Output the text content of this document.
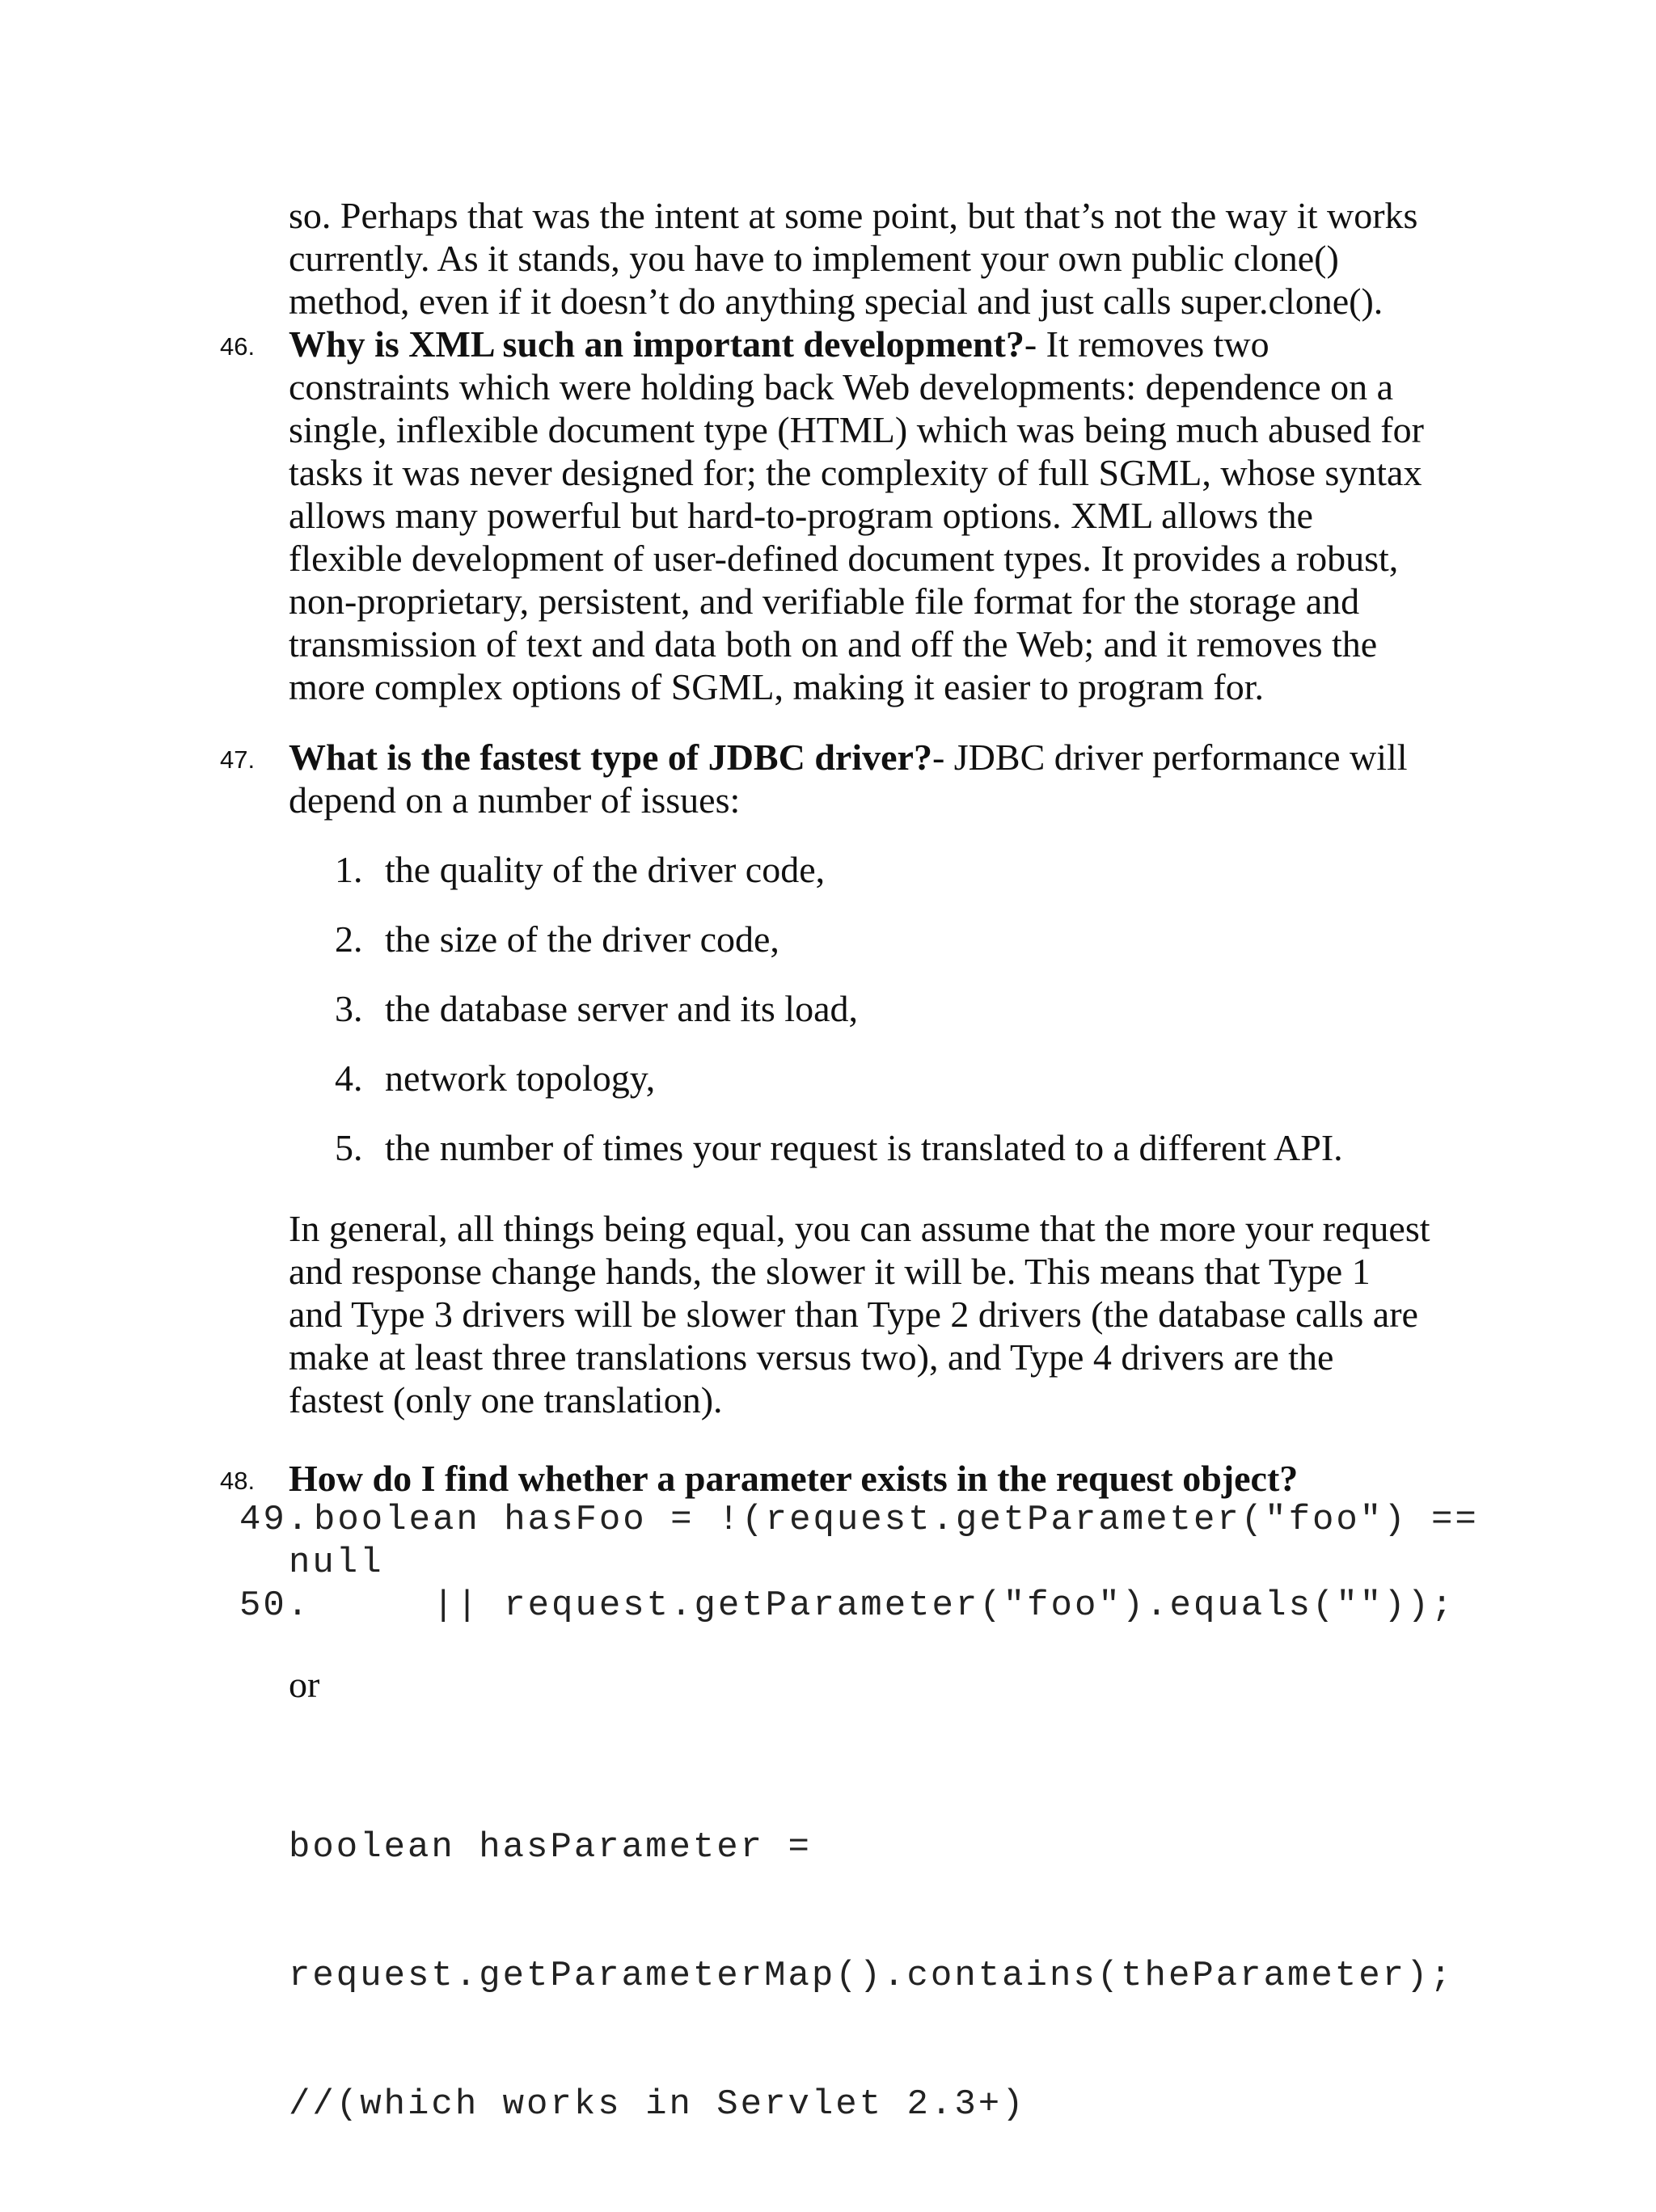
so. Perhaps that was the intent at some point, but that’s not the way it works
currently. As it stands, you have to implement your own public clone()
method, even if it doesn’t do anything special and just calls super.clone().
46. Why is XML such an important development?- It removes two
constraints which were holding back Web developments: dependence on a
single, inflexible document type (HTML) which was being much abused for
tasks it was never designed for; the complexity of full SGML, whose syntax
allows many powerful but hard-to-program options. XML allows the
flexible development of user-defined document types. It provides a robust,
non-proprietary, persistent, and verifiable file format for the storage and
transmission of text and data both on and off the Web; and it removes the
more complex options of SGML, making it easier to program for.
47. What is the fastest type of JDBC driver?- JDBC driver performance will
depend on a number of issues:
1. the quality of the driver code,
2. the size of the driver code,
3. the database server and its load,
4. network topology,
5. the number of times your request is translated to a different API.
In general, all things being equal, you can assume that the more your request
and response change hands, the slower it will be. This means that Type 1
and Type 3 drivers will be slower than Type 2 drivers (the database calls are
make at least three translations versus two), and Type 4 drivers are the
fastest (only one translation).
48. How do I find whether a parameter exists in the request object?
49. boolean hasFoo = !(request.getParameter("foo") ==
null
50. || request.getParameter("foo").equals(""));
or

boolean hasParameter =

request.getParameterMap().contains(theParameter);

//(which works in Servlet 2.3+)
